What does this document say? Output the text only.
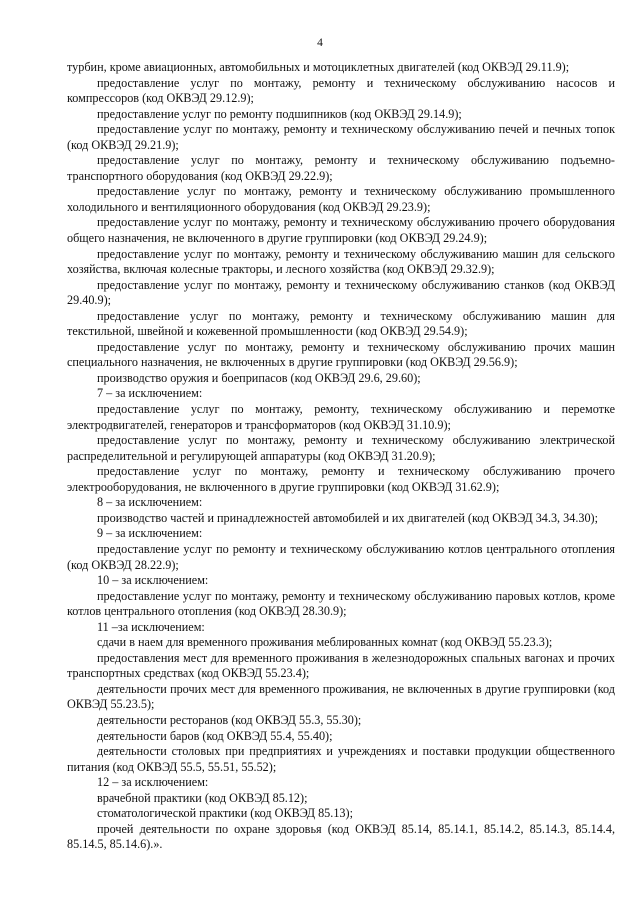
4

турбин, кроме авиационных, автомобильных и мотоциклетных двигателей (код ОКВЭД 29.11.9);

предоставление услуг по монтажу, ремонту и техническому обслуживанию насосов и компрессоров (код ОКВЭД 29.12.9);

предоставление услуг по ремонту подшипников (код ОКВЭД 29.14.9);

предоставление услуг по монтажу, ремонту и техническому обслуживанию печей и печных топок (код ОКВЭД 29.21.9);

предоставление услуг по монтажу, ремонту и техническому обслуживанию подъемно-транспортного оборудования (код ОКВЭД 29.22.9);

предоставление услуг по монтажу, ремонту и техническому обслуживанию промышленного холодильного и вентиляционного оборудования (код ОКВЭД 29.23.9);

предоставление услуг по монтажу, ремонту и техническому обслуживанию прочего оборудования общего назначения, не включенного в другие группировки (код ОКВЭД 29.24.9);

предоставление услуг по монтажу, ремонту и техническому обслуживанию машин для сельского хозяйства, включая колесные тракторы, и лесного хозяйства (код ОКВЭД 29.32.9);

предоставление услуг по монтажу, ремонту и техническому обслуживанию станков (код ОКВЭД 29.40.9);

предоставление услуг по монтажу, ремонту и техническому обслуживанию машин для текстильной, швейной и кожевенной промышленности (код ОКВЭД 29.54.9);

предоставление услуг по монтажу, ремонту и техническому обслуживанию прочих машин специального назначения, не включенных в другие группировки (код ОКВЭД 29.56.9);

производство оружия и боеприпасов (код ОКВЭД 29.6, 29.60);

7 – за исключением:

предоставление услуг по монтажу, ремонту, техническому обслуживанию и перемотке электродвигателей, генераторов и трансформаторов (код ОКВЭД 31.10.9);

предоставление услуг по монтажу, ремонту и техническому обслуживанию электрической распределительной и регулирующей аппаратуры (код ОКВЭД 31.20.9);

предоставление услуг по монтажу, ремонту и техническому обслуживанию прочего электрооборудования, не включенного в другие группировки (код ОКВЭД 31.62.9);

8 – за исключением:

производство частей и принадлежностей автомобилей и их двигателей (код ОКВЭД 34.3, 34.30);

9 – за исключением:

предоставление услуг по ремонту и техническому обслуживанию котлов центрального отопления (код ОКВЭД 28.22.9);

10 – за исключением:

предоставление услуг по монтажу, ремонту и техническому обслуживанию паровых котлов, кроме котлов центрального отопления (код ОКВЭД 28.30.9);

11 –за исключением:

сдачи в наем для временного проживания меблированных комнат (код ОКВЭД 55.23.3);

предоставления мест для временного проживания в железнодорожных спальных вагонах и прочих транспортных средствах (код ОКВЭД 55.23.4);

деятельности прочих мест для временного проживания, не включенных в другие группировки (код ОКВЭД 55.23.5);

деятельности ресторанов (код ОКВЭД 55.3, 55.30);

деятельности баров (код ОКВЭД 55.4, 55.40);

деятельности столовых при предприятиях и учреждениях и поставки продукции общественного питания (код ОКВЭД 55.5, 55.51, 55.52);

12 – за исключением:

врачебной практики (код ОКВЭД 85.12);

стоматологической практики (код ОКВЭД 85.13);

прочей деятельности по охране здоровья (код ОКВЭД 85.14, 85.14.1, 85.14.2, 85.14.3, 85.14.4, 85.14.5, 85.14.6).».
